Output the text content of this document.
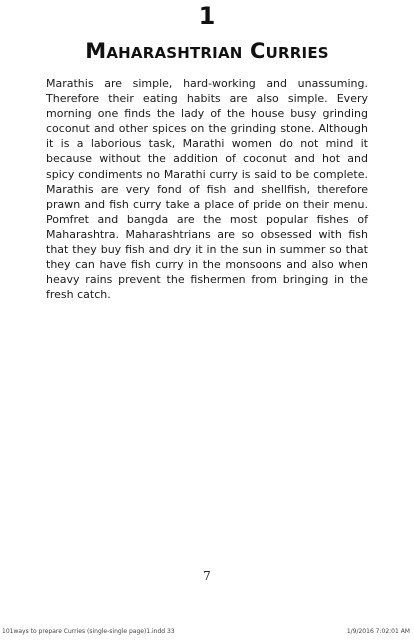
1
Maharashtrian Curries

Marathis are simple, hard-working and unassuming. Therefore their eating habits are also simple. Every morning one finds the lady of the house busy grinding coconut and other spices on the grinding stone. Although it is a laborious task, Marathi women do not mind it because without the addition of coconut and hot and spicy condiments no Marathi curry is said to be complete. Marathis are very fond of fish and shellfish, therefore prawn and fish curry take a place of pride on their menu. Pomfret and bangda are the most popular fishes of Maharashtra. Maharashtrians are so obsessed with fish that they buy fish and dry it in the sun in summer so that they can have fish curry in the monsoons and also when heavy rains prevent the fishermen from bringing in the fresh catch.

7
101ways to prepare Curries (single-single page)1.indd 33	1/9/2016 7:02:01 AM
